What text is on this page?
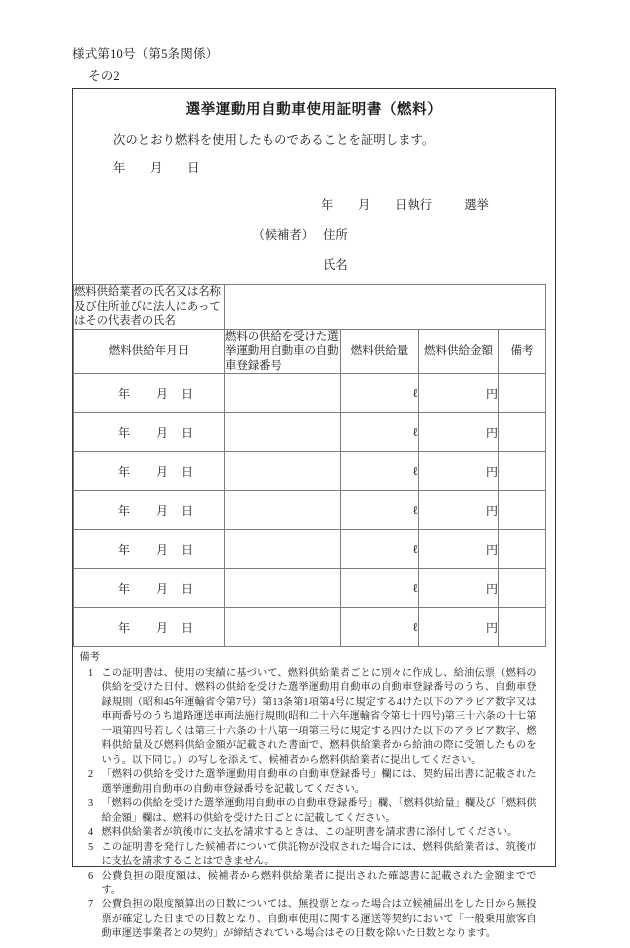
様式第10号（第5条関係）
その2
選挙運動用自動車使用証明書（燃料）
次のとおり燃料を使用したものであることを証明します。
年 月 日
年 月 日執行	選挙
（候補者） 住所
氏名
燃料供給業者の氏名又は名称及び住所並びに法人にあってはその代表者の氏名				
燃料供給年月日	燃料の供給を受けた選挙運動用自動車の自動車登録番号	燃料供給量	燃料供給金額	備考
年 月 日		ℓ	円	
年 月 日		ℓ	円	
年 月 日		ℓ	円	
年 月 日		ℓ	円	
年 月 日		ℓ	円	
年 月 日		ℓ	円	
年 月 日		ℓ	円	

備考
1 この証明書は、使用の実績に基づいて、燃料供給業者ごとに別々に作成し、給油伝票（燃料の供給を受けた日付、燃料の供給を受けた選挙運動用自動車の自動車登録番号のうち、自動車登録規則（昭和45年運輸省令第7号）第13条第1項第4号に規定する4けた以下のアラビア数字又は車両番号のうち道路運送車両法施行規則(昭和二十六年運輸省令第七十四号)第三十六条の十七第一項第四号若しくは第三十六条の十八第一項第三号に規定する四けた以下のアラビア数字、燃料供給量及び燃料供給金額が記載された書面で、燃料供給業者から給油の際に受領したものをいう。以下同じ。）の写しを添えて、候補者から燃料供給業者に提出してください。
2 「燃料の供給を受けた選挙運動用自動車の自動車登録番号」欄には、契約届出書に記載された選挙運動用自動車の自動車登録番号を記載してください。
3 「燃料の供給を受けた選挙運動用自動車の自動車登録番号」欄、「燃料供給量」欄及び「燃料供給金額」欄は、燃料の供給を受けた日ごとに記載してください。
4 燃料供給業者が筑後市に支払を請求するときは、この証明書を請求書に添付してください。
5 この証明書を発行した候補者について供託物が没収された場合には、燃料供給業者は、筑後市に支払を請求することはできません。
6 公費負担の限度額は、候補者から燃料供給業者に提出された確認書に記載された金額までです。
7 公費負担の限度額算出の日数については、無投票となった場合は立候補届出をした日から無投票が確定した日までの日数となり、自動車使用に関する運送等契約において「一般乗用旅客自動車運送事業者との契約」が締結されている場合はその日数を除いた日数となります。
